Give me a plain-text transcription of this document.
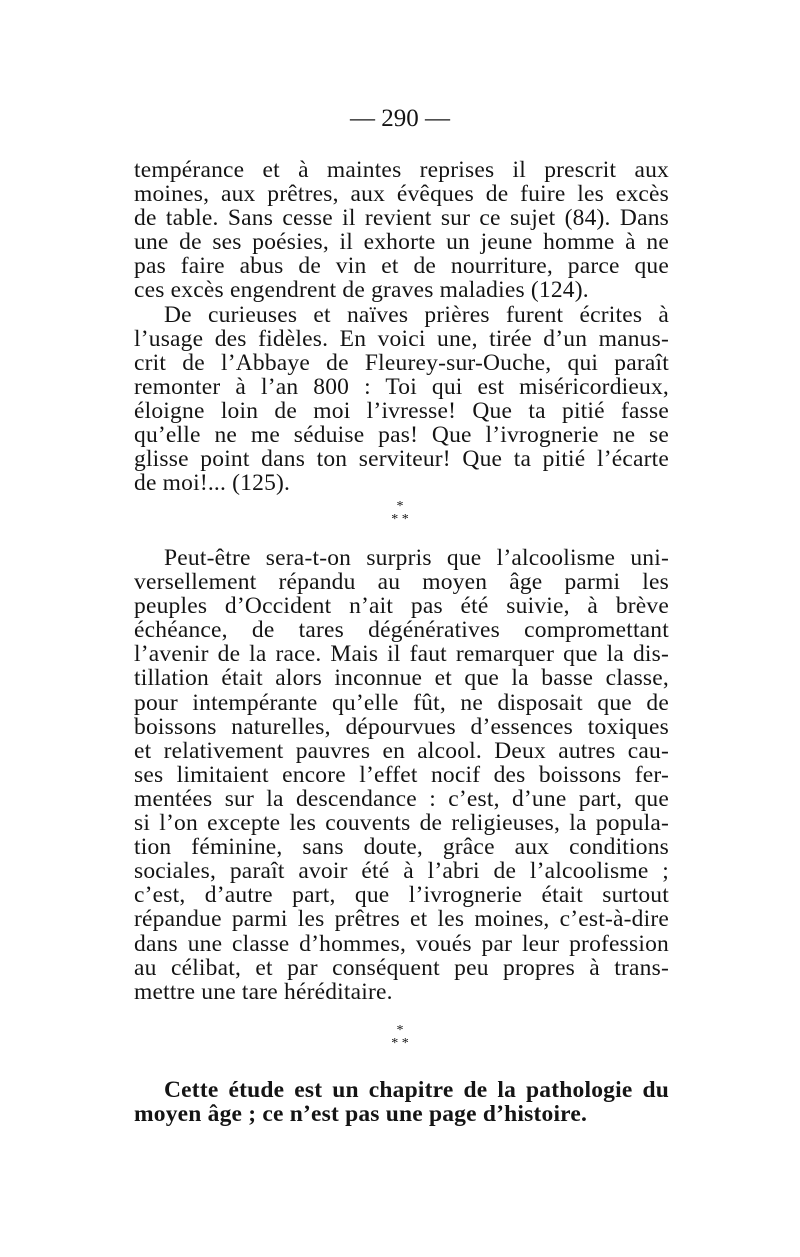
— 290 —
tempérance et à maintes reprises il prescrit aux
moines, aux prêtres, aux évêques de fuire les excès
de table. Sans cesse il revient sur ce sujet (84). Dans
une de ses poésies, il exhorte un jeune homme à ne
pas faire abus de vin et de nourriture, parce que
ces excès engendrent de graves maladies (124).
De curieuses et naïves prières furent écrites à
l’usage des fidèles. En voici une, tirée d’un manus-
crit de l’Abbaye de Fleurey-sur-Ouche, qui paraît
remonter à l’an 800 : Toi qui est miséricordieux,
éloigne loin de moi l’ivresse! Que ta pitié fasse
qu’elle ne me séduise pas! Que l’ivrognerie ne se
glisse point dans ton serviteur! Que ta pitié l’écarte
de moi!... (125).
*
* *
Peut-être sera-t-on surpris que l’alcoolisme uni-
versellement répandu au moyen âge parmi les
peuples d’Occident n’ait pas été suivie, à brève
échéance, de tares dégénératives compromettant
l’avenir de la race. Mais il faut remarquer que la dis-
tillation était alors inconnue et que la basse classe,
pour intempérante qu’elle fût, ne disposait que de
boissons naturelles, dépourvues d’essences toxiques
et relativement pauvres en alcool. Deux autres cau-
ses limitaient encore l’effet nocif des boissons fer-
mentées sur la descendance : c’est, d’une part, que
si l’on excepte les couvents de religieuses, la popula-
tion féminine, sans doute, grâce aux conditions
sociales, paraît avoir été à l’abri de l’alcoolisme ;
c’est, d’autre part, que l’ivrognerie était surtout
répandue parmi les prêtres et les moines, c’est-à-dire
dans une classe d’hommes, voués par leur profession
au célibat, et par conséquent peu propres à trans-
mettre une tare héréditaire.
*
* *
Cette étude est un chapitre de la pathologie du
moyen âge ; ce n’est pas une page d’histoire.
